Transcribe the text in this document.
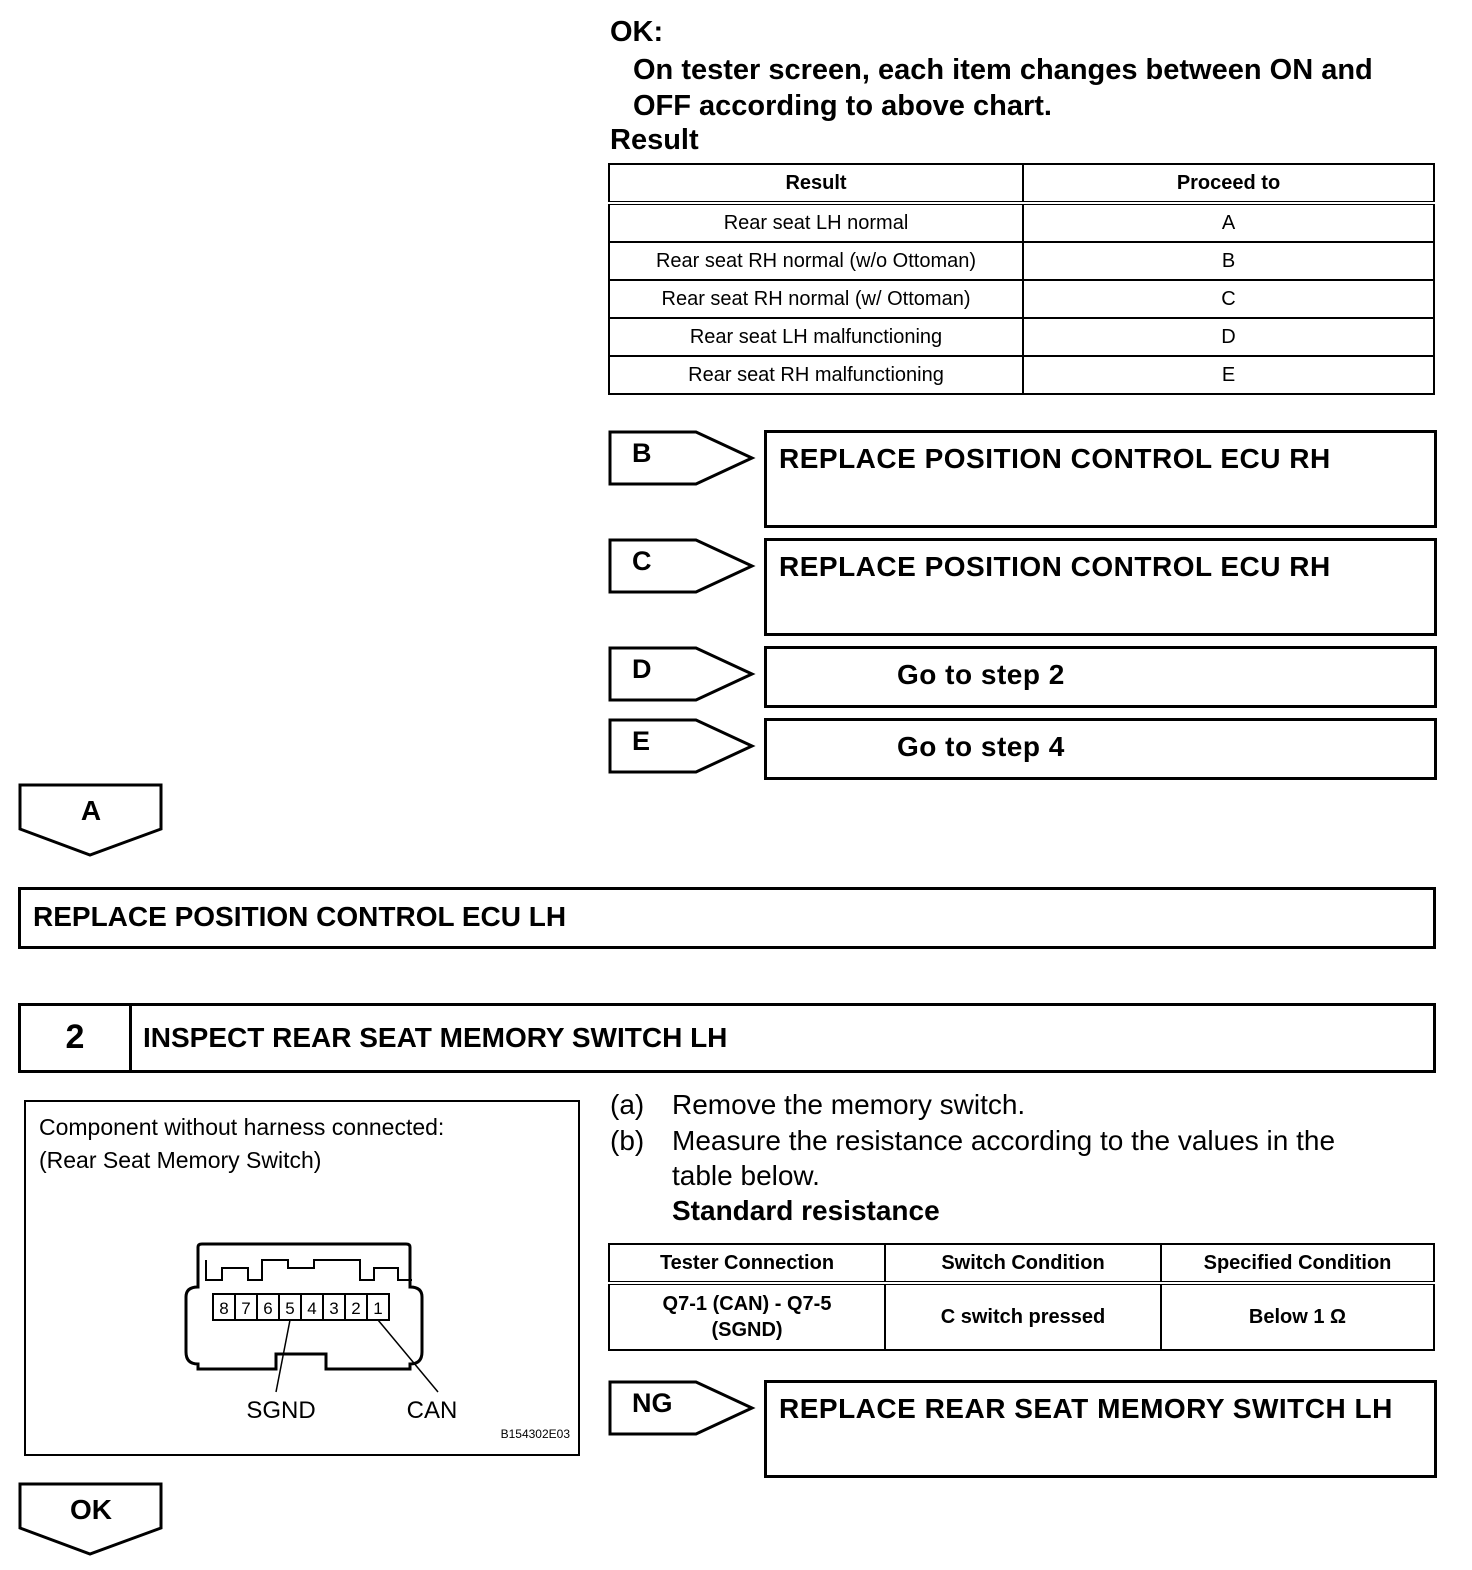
OK:
On tester screen, each item changes between ON and OFF according to above chart.
Result
Result	Proceed to
Rear seat LH normal	A
Rear seat RH normal (w/o Ottoman)	B
Rear seat RH normal (w/ Ottoman)	C
Rear seat LH malfunctioning	D
Rear seat RH malfunctioning	E
B	REPLACE POSITION CONTROL ECU RH
C	REPLACE POSITION CONTROL ECU RH
D	Go to step 2
E	Go to step 4
A
REPLACE POSITION CONTROL ECU LH
2	INSPECT REAR SEAT MEMORY SWITCH LH
Component without harness connected:
(Rear Seat Memory Switch)
8 7 6 5 4 3 2 1
SGND	CAN
B154302E03
(a) Remove the memory switch.
(b) Measure the resistance according to the values in the
table below.
Standard resistance
Tester Connection	Switch Condition	Specified Condition

Q7-1 (CAN) - Q7-5
(SGND)	C switch pressed	Below 1 Ω
NG	REPLACE REAR SEAT MEMORY SWITCH LH
OK
